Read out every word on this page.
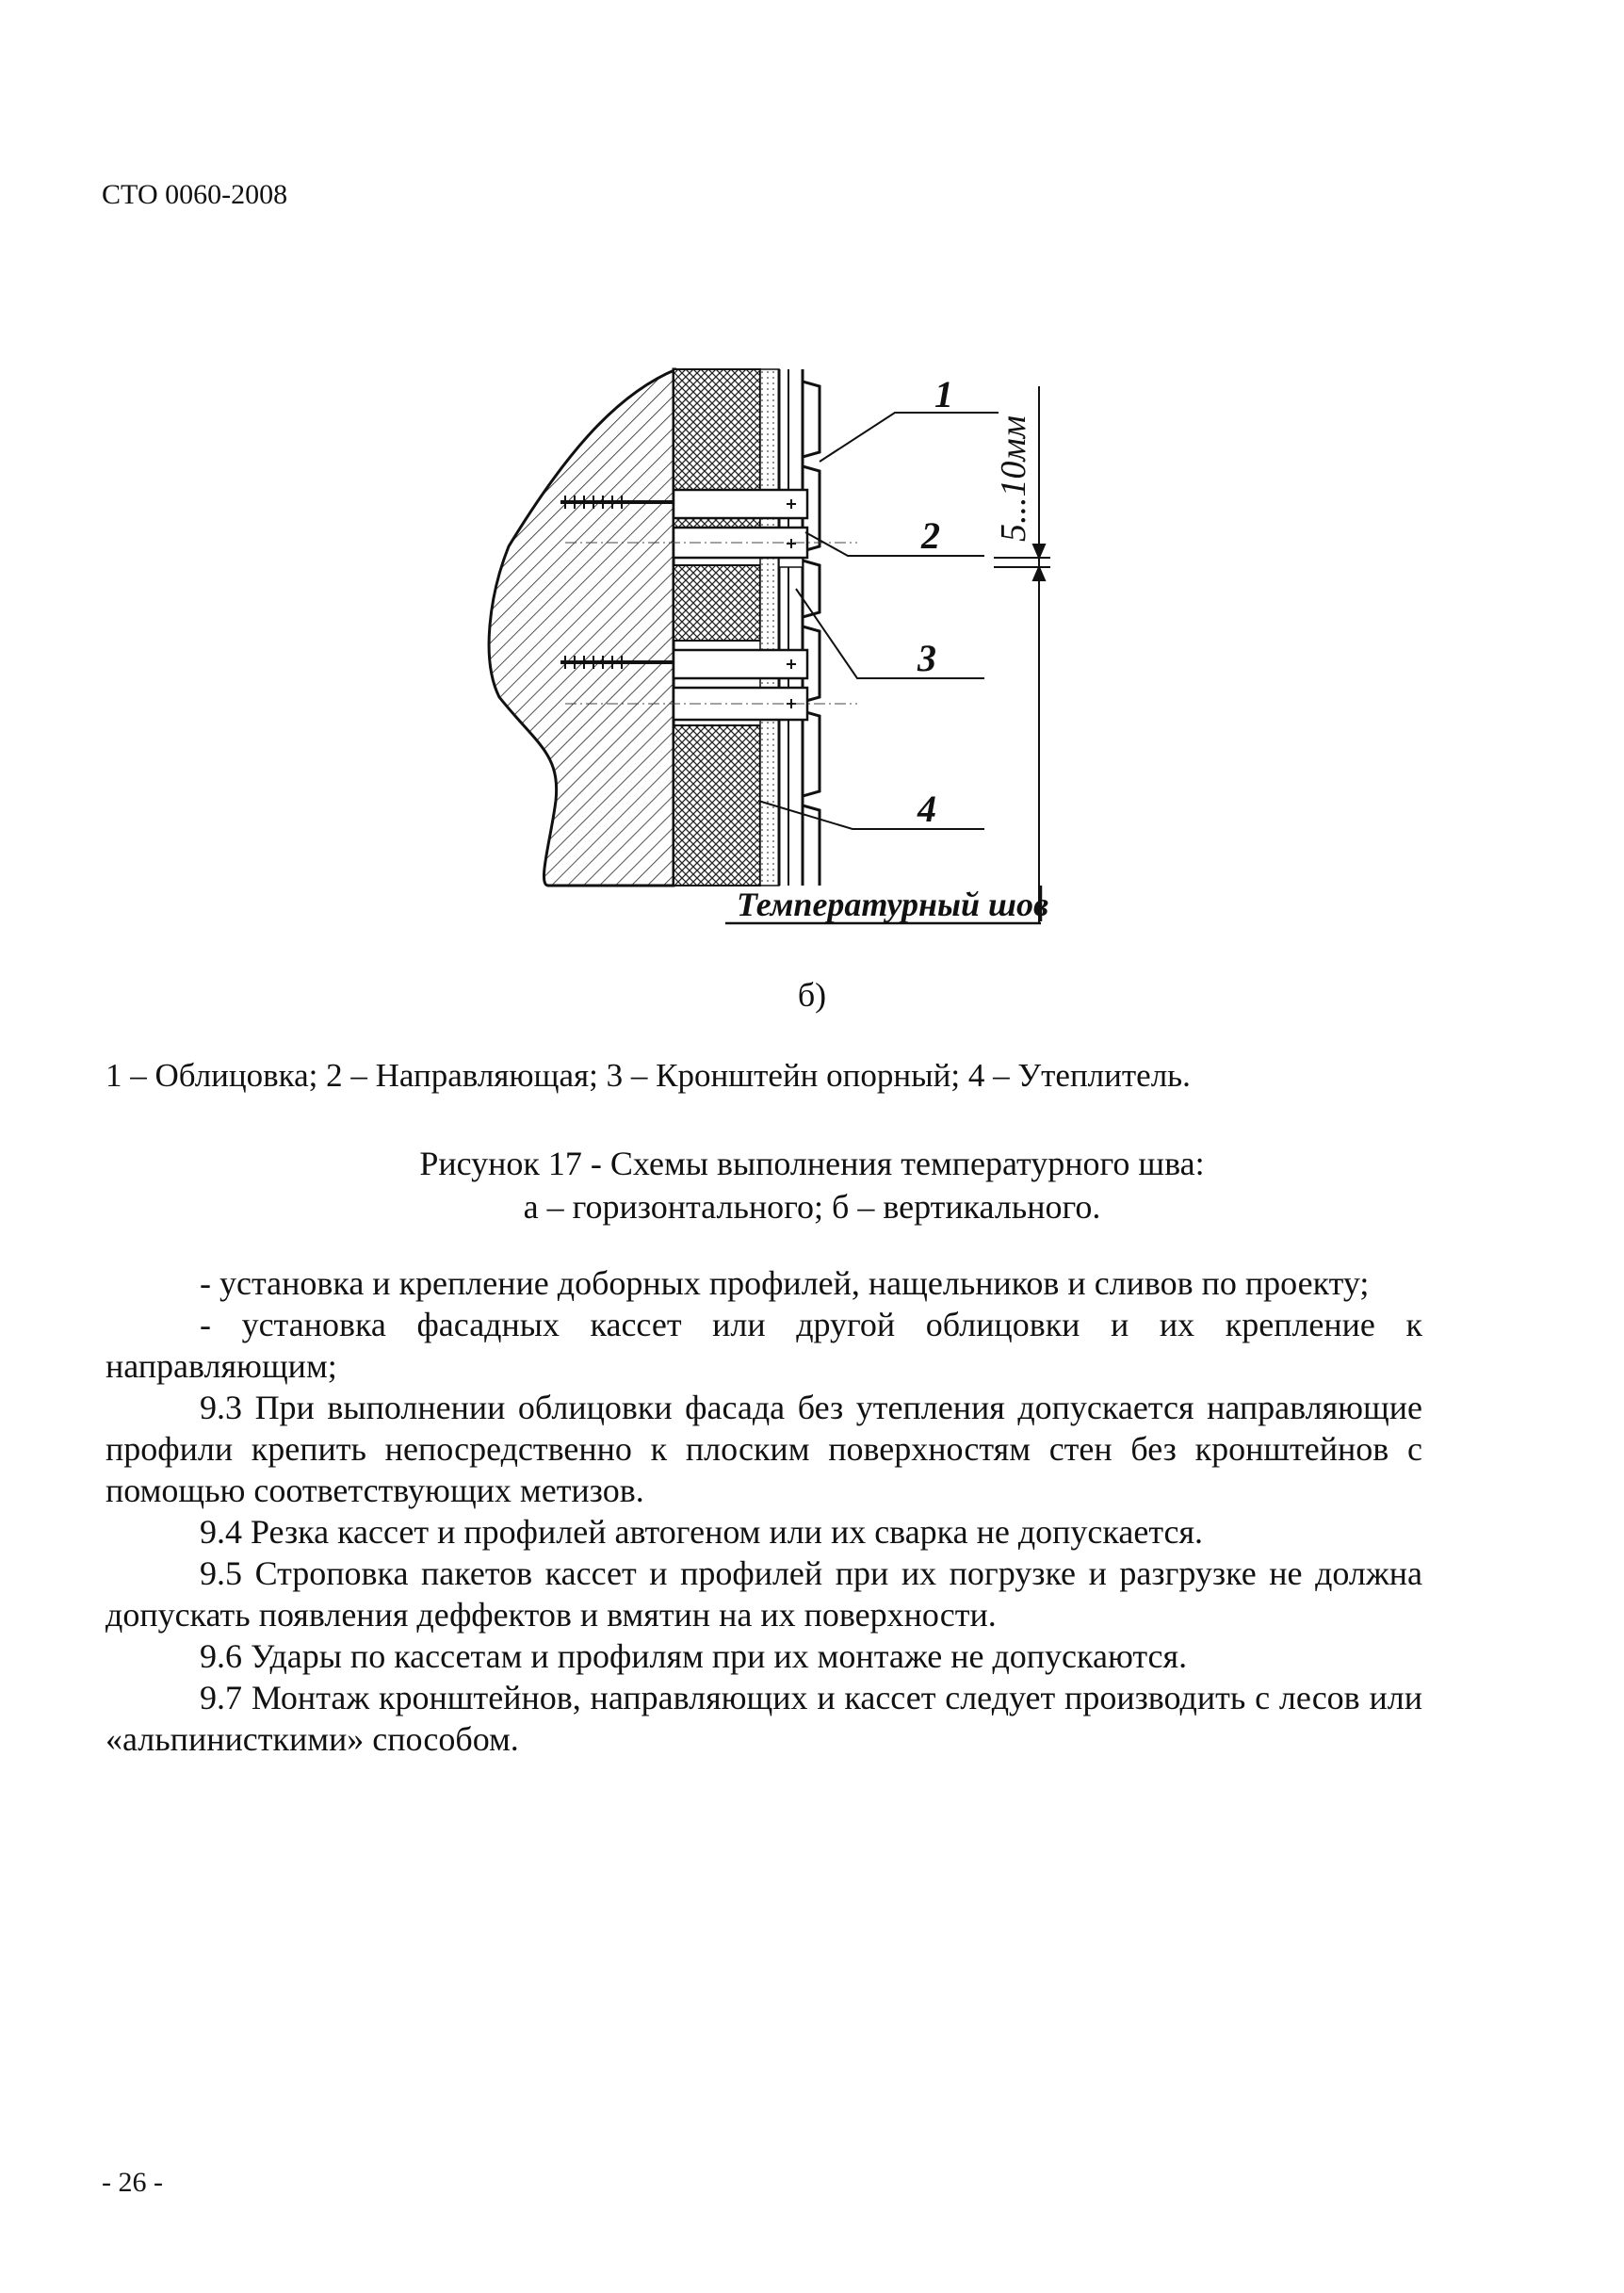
СТО 0060-2008
1
2
3
4
5...10мм
Температурный шов
б)
1 – Облицовка; 2 – Направляющая; 3 – Кронштейн опорный; 4 – Утеплитель.
Рисунок 17 - Схемы выполнения температурного шва:
а – горизонтального; б – вертикального.

- установка и крепление доборных профилей, нащельников и сливов по проекту;

- установка фасадных кассет или другой облицовки и их крепление к направляющим;

9.3 При выполнении облицовки фасада без утепления допускается направляющие профили крепить непосредственно к плоским поверхностям стен без кронштейнов с помощью соответствующих метизов.

9.4 Резка кассет и профилей автогеном или их сварка не допускается.

9.5 Строповка пакетов кассет и профилей при их погрузке и разгрузке не должна допускать появления деффектов и вмятин на их поверхности.

9.6 Удары по кассетам и профилям при их монтаже не допускаются.

9.7 Монтаж кронштейнов, направляющих и кассет следует производить с лесов или «альпинисткими» способом.

- 26 -
